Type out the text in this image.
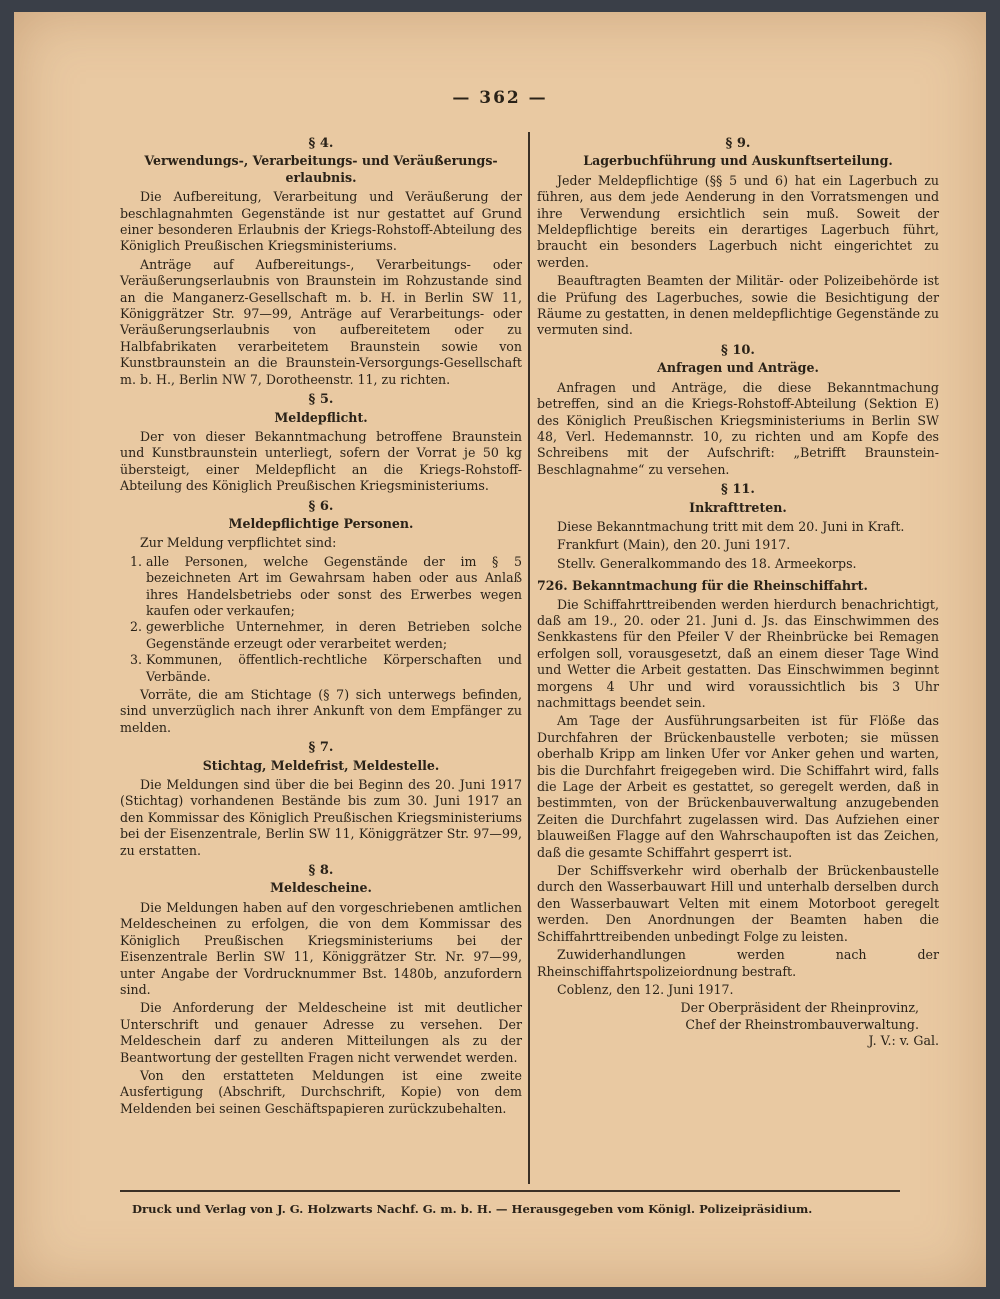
— 362 —
§ 4.
Verwendungs-, Verarbeitungs- und Veräußerungs-erlaubnis.

Die Aufbereitung, Verarbeitung und Veräußerung der beschlagnahmten Gegenstände ist nur gestattet auf Grund einer besonderen Erlaubnis der Kriegs-Rohstoff-Abteilung des Königlich Preußischen Kriegsministeriums.

Anträge auf Aufbereitungs-, Verarbeitungs- oder Veräußerungserlaubnis von Braunstein im Rohzustande sind an die Manganerz-Gesellschaft m. b. H. in Berlin SW 11, Königgrätzer Str. 97—99, Anträge auf Verarbeitungs- oder Veräußerungserlaubnis von aufbereitetem oder zu Halbfabrikaten verarbeitetem Braunstein sowie von Kunstbraunstein an die Braunstein-Versorgungs-Gesellschaft m. b. H., Berlin NW 7, Dorotheenstr. 11, zu richten.

§ 5.
Meldepflicht.

Der von dieser Bekanntmachung betroffene Braunstein und Kunstbraunstein unterliegt, sofern der Vorrat je 50 kg übersteigt, einer Meldepflicht an die Kriegs-Rohstoff-Abteilung des Königlich Preußischen Kriegsministeriums.

§ 6.
Meldepflichtige Personen.

Zur Meldung verpflichtet sind:

1. alle Personen, welche Gegenstände der im § 5 bezeichneten Art im Gewahrsam haben oder aus Anlaß ihres Handelsbetriebs oder sonst des Erwerbes wegen kaufen oder verkaufen;
2. gewerbliche Unternehmer, in deren Betrieben solche Gegenstände erzeugt oder verarbeitet werden;
3. Kommunen, öffentlich-rechtliche Körperschaften und Verbände.

Vorräte, die am Stichtage (§ 7) sich unterwegs befinden, sind unverzüglich nach ihrer Ankunft von dem Empfänger zu melden.

§ 7.
Stichtag, Meldefrist, Meldestelle.

Die Meldungen sind über die bei Beginn des 20. Juni 1917 (Stichtag) vorhandenen Bestände bis zum 30. Juni 1917 an den Kommissar des Königlich Preußischen Kriegsministeriums bei der Eisenzentrale, Berlin SW 11, Königgrätzer Str. 97—99, zu erstatten.

§ 8.
Meldescheine.

Die Meldungen haben auf den vorgeschriebenen amtlichen Meldescheinen zu erfolgen, die von dem Kommissar des Königlich Preußischen Kriegsministeriums bei der Eisenzentrale Berlin SW 11, Königgrätzer Str. Nr. 97—99, unter Angabe der Vordrucknummer Bst. 1480b, anzufordern sind.

Die Anforderung der Meldescheine ist mit deutlicher Unterschrift und genauer Adresse zu versehen. Der Meldeschein darf zu anderen Mitteilungen als zu der Beantwortung der gestellten Fragen nicht verwendet werden.

Von den erstatteten Meldungen ist eine zweite Ausfertigung (Abschrift, Durchschrift, Kopie) von dem Meldenden bei seinen Geschäftspapieren zurückzubehalten.

§ 9.
Lagerbuchführung und Auskunftserteilung.

Jeder Meldepflichtige (§§ 5 und 6) hat ein Lagerbuch zu führen, aus dem jede Aenderung in den Vorratsmengen und ihre Verwendung ersichtlich sein muß. Soweit der Meldepflichtige bereits ein derartiges Lagerbuch führt, braucht ein besonders Lagerbuch nicht eingerichtet zu werden.

Beauftragten Beamten der Militär- oder Polizeibehörde ist die Prüfung des Lagerbuches, sowie die Besichtigung der Räume zu gestatten, in denen meldepflichtige Gegenstände zu vermuten sind.

§ 10.
Anfragen und Anträge.

Anfragen und Anträge, die diese Bekanntmachung betreffen, sind an die Kriegs-Rohstoff-Abteilung (Sektion E) des Königlich Preußischen Kriegsministeriums in Berlin SW 48, Verl. Hedemannstr. 10, zu richten und am Kopfe des Schreibens mit der Aufschrift: „Betrifft Braunstein-Beschlagnahme“ zu versehen.

§ 11.
Inkrafttreten.

Diese Bekanntmachung tritt mit dem 20. Juni in Kraft.

Frankfurt (Main), den 20. Juni 1917.

Stellv. Generalkommando des 18. Armeekorps.

726. Bekanntmachung für die Rheinschiffahrt.

Die Schiffahrttreibenden werden hierdurch benachrichtigt, daß am 19., 20. oder 21. Juni d. Js. das Einschwimmen des Senkkastens für den Pfeiler V der Rheinbrücke bei Remagen erfolgen soll, vorausgesetzt, daß an einem dieser Tage Wind und Wetter die Arbeit gestatten. Das Einschwimmen beginnt morgens 4 Uhr und wird voraussichtlich bis 3 Uhr nachmittags beendet sein.

Am Tage der Ausführungsarbeiten ist für Flöße das Durchfahren der Brückenbaustelle verboten; sie müssen oberhalb Kripp am linken Ufer vor Anker gehen und warten, bis die Durchfahrt freigegeben wird. Die Schiffahrt wird, falls die Lage der Arbeit es gestattet, so geregelt werden, daß in bestimmten, von der Brückenbauverwaltung anzugebenden Zeiten die Durchfahrt zugelassen wird. Das Aufziehen einer blauweißen Flagge auf den Wahrschaupoften ist das Zeichen, daß die gesamte Schiffahrt gesperrt ist.

Der Schiffsverkehr wird oberhalb der Brückenbaustelle durch den Wasserbauwart Hill und unterhalb derselben durch den Wasserbauwart Velten mit einem Motorboot geregelt werden. Den Anordnungen der Beamten haben die Schiffahrttreibenden unbedingt Folge zu leisten.

Zuwiderhandlungen werden nach der Rheinschiffahrtspolizeiordnung bestraft.

Coblenz, den 12. Juni 1917.

Der Oberpräsident der Rheinprovinz,

Chef der Rheinstrombauverwaltung.

J. V.: v. Gal.

Druck und Verlag von J. G. Holzwarts Nachf. G. m. b. H. — Herausgegeben vom Königl. Polizeipräsidium.
